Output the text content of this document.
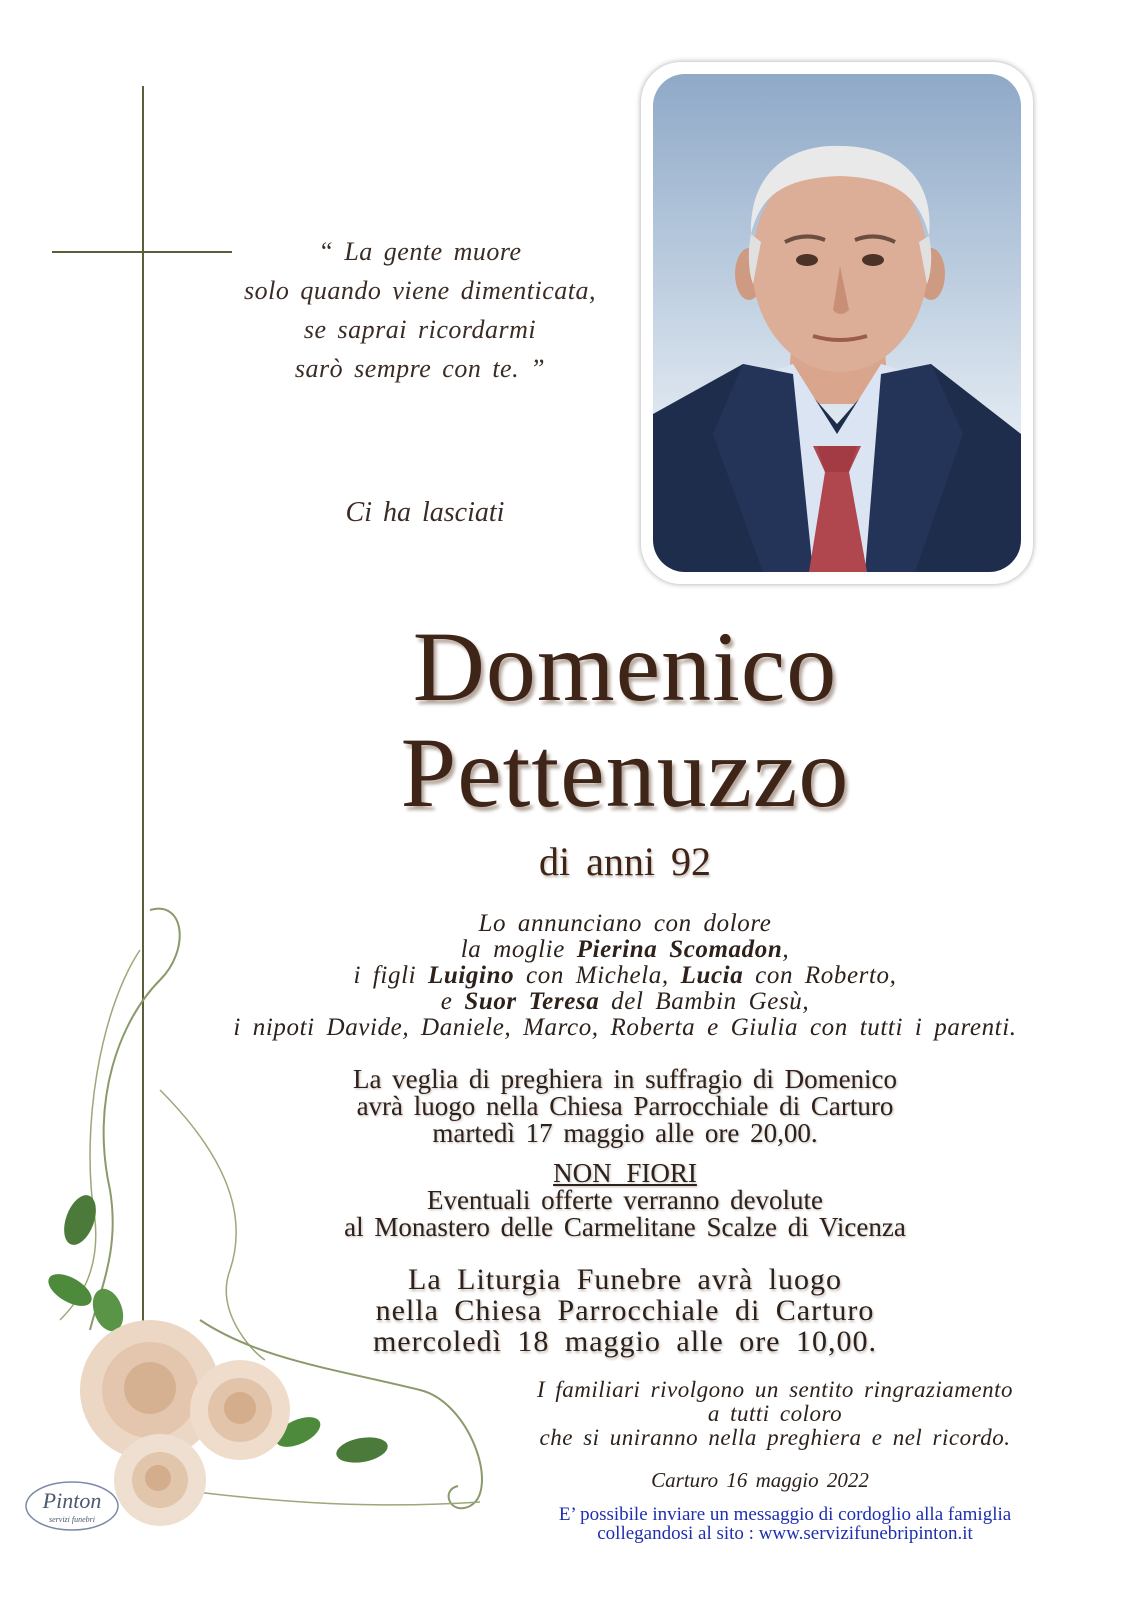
“ La gente muore
solo quando viene dimenticata,
se saprai ricordarmi
sarò sempre con te. ”
Ci ha lasciati
Domenico
Pettenuzzo
di anni 92
Lo annunciano con dolore
la moglie Pierina Scomadon,
i figli Luigino con Michela, Lucia con Roberto,
e Suor Teresa del Bambin Gesù,
i nipoti Davide, Daniele, Marco, Roberta e Giulia con tutti i parenti.
La veglia di preghiera in suffragio di Domenico
avrà luogo nella Chiesa Parrocchiale di Carturo
martedì 17 maggio alle ore 20,00.
NON FIORI
Eventuali offerte verranno devolute
al Monastero delle Carmelitane Scalze di Vicenza
La Liturgia Funebre avrà luogo
nella Chiesa Parrocchiale di Carturo
mercoledì 18 maggio alle ore 10,00.
I familiari rivolgono un sentito ringraziamento
a tutti coloro
che si uniranno nella preghiera e nel ricordo.
Carturo 16 maggio 2022
E’ possibile inviare un messaggio di cordoglio alla famiglia
collegandosi al sito : www.servizifunebripinton.it
Pinton
servizi funebri
